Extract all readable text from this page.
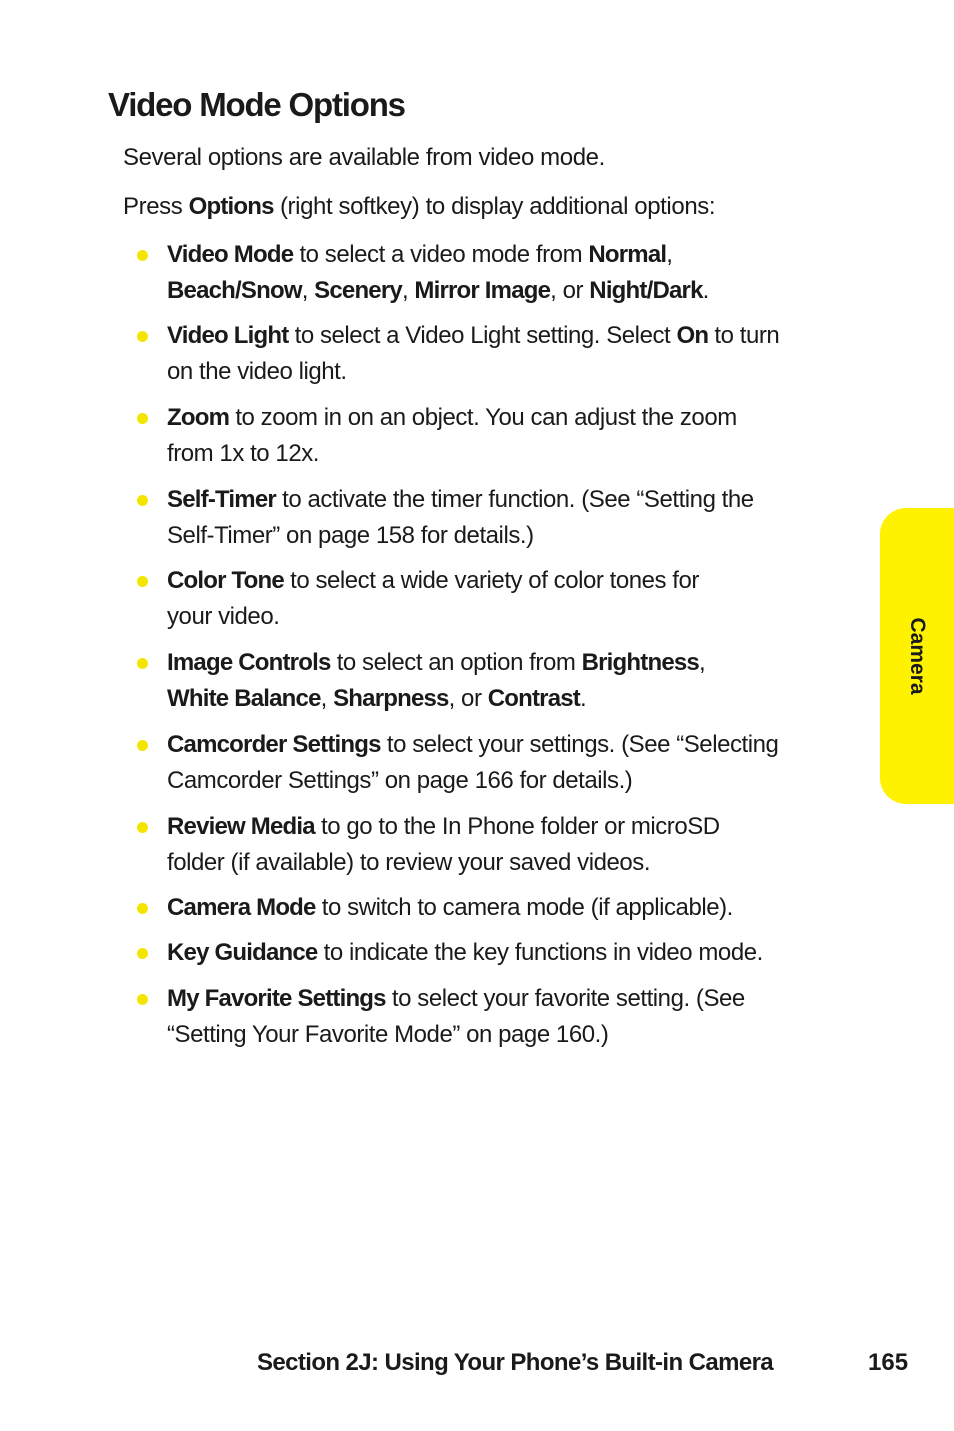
Video Mode Options

Several options are available from video mode.

Press Options (right softkey) to display additional options:

Video Mode to select a video mode from Normal,
Beach/Snow, Scenery, Mirror Image, or Night/Dark.
Video Light to select a Video Light setting. Select On to turn
on the video light.
Zoom to zoom in on an object. You can adjust the zoom
from 1x to 12x.
Self-Timer to activate the timer function. (See “Setting the
Self-Timer” on page 158 for details.)
Color Tone to select a wide variety of color tones for
your video.
Image Controls to select an option from Brightness,
White Balance, Sharpness, or Contrast.
Camcorder Settings to select your settings. (See “Selecting
Camcorder Settings” on page 166 for details.)
Review Media to go to the In Phone folder or microSD
folder (if available) to review your saved videos.
Camera Mode to switch to camera mode (if applicable).
Key Guidance to indicate the key functions in video mode.
My Favorite Settings to select your favorite setting. (See
“Setting Your Favorite Mode” on page 160.)
Camera
Section 2J: Using Your Phone’s Built-in Camera	165
